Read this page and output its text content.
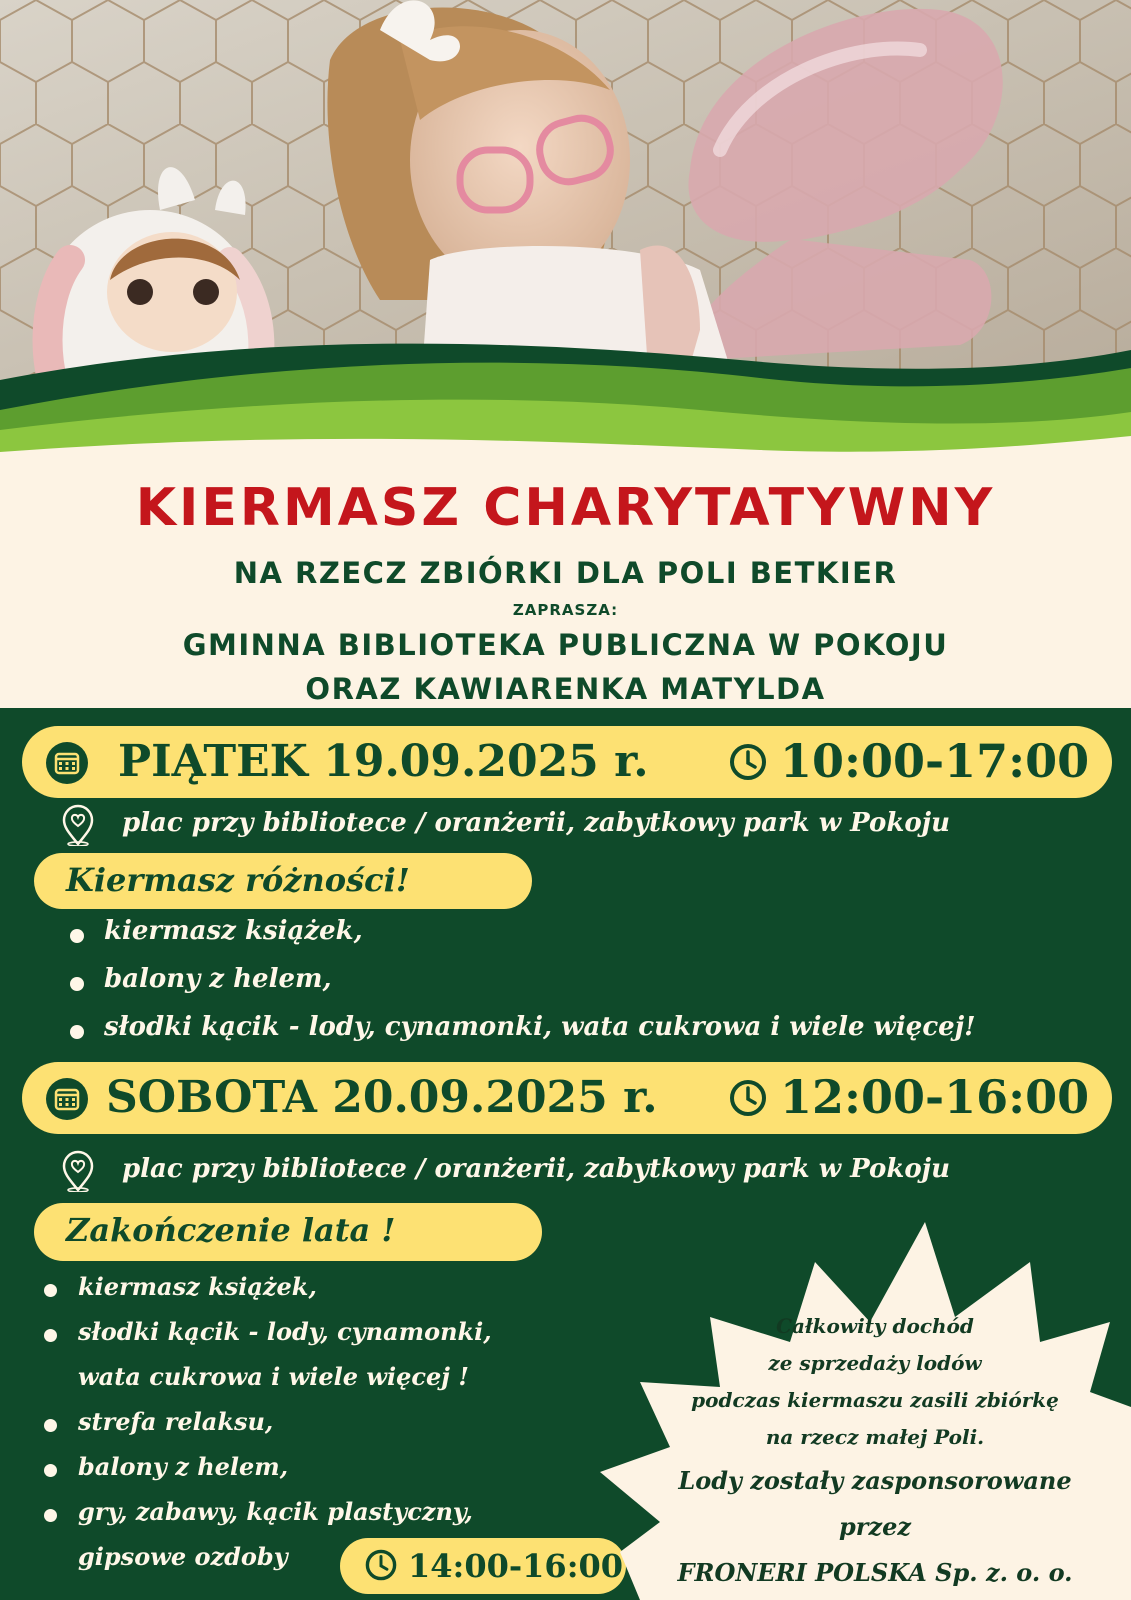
KIERMASZ CHARYTATYWNY
NA RZECZ ZBIÓRKI DLA POLI BETKIER
ZAPRASZA:
GMINNA BIBLIOTEKA PUBLICZNA W POKOJU
ORAZ KAWIARENKA MATYLDA
PIĄTEK 19.09.2025 r.	10:00-17:00
plac przy bibliotece / oranżerii, zabytkowy park w Pokoju
Kiermasz różności!
kiermasz książek,
balony z helem,
słodki kącik - lody, cynamonki, wata cukrowa i wiele więcej!
SOBOTA 20.09.2025 r.	12:00-16:00
plac przy bibliotece / oranżerii, zabytkowy park w Pokoju
Zakończenie lata !
kiermasz książek,
słodki kącik - lody, cynamonki,
wata cukrowa i wiele więcej !
strefa relaksu,
balony z helem,
gry, zabawy, kącik plastyczny,
gipsowe ozdoby	14:00-16:00
Całkowity dochód
ze sprzedaży lodów
podczas kiermaszu zasili zbiórkę
na rzecz małej Poli.
Lody zostały zasponsorowane
przez
FRONERI POLSKA Sp. z. o. o.
